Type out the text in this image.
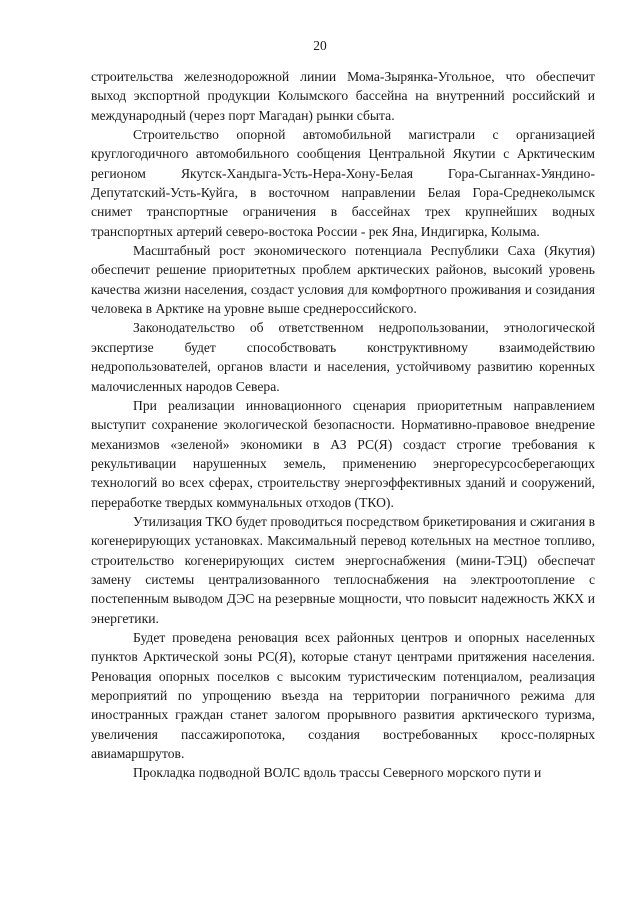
20

строительства железнодорожной линии Мома-Зырянка-Угольное, что обеспечит выход экспортной продукции Колымского бассейна на внутренний российский и международный (через порт Магадан) рынки сбыта.

Строительство опорной автомобильной магистрали с организацией круглогодичного автомобильного сообщения Центральной Якутии с Арктическим регионом Якутск-Хандыга-Усть-Нера-Хону-Белая Гора-Сыганнах-Уяндино-Депутатский-Усть-Куйга, в восточном направлении Белая Гора-Среднеколымск снимет транспортные ограничения в бассейнах трех крупнейших водных транспортных артерий северо-востока России - рек Яна, Индигирка, Колыма.

Масштабный рост экономического потенциала Республики Саха (Якутия) обеспечит решение приоритетных проблем арктических районов, высокий уровень качества жизни населения, создаст условия для комфортного проживания и созидания человека в Арктике на уровне выше среднероссийского.

Законодательство об ответственном недропользовании, этнологической экспертизе будет способствовать конструктивному взаимодействию недропользователей, органов власти и населения, устойчивому развитию коренных малочисленных народов Севера.

При реализации инновационного сценария приоритетным направлением выступит сохранение экологической безопасности. Нормативно-правовое внедрение механизмов «зеленой» экономики в АЗ РС(Я) создаст строгие требования к рекультивации нарушенных земель, применению энергоресурсосберегающих технологий во всех сферах, строительству энергоэффективных зданий и сооружений, переработке твердых коммунальных отходов (ТКО).

Утилизация ТКО будет проводиться посредством брикетирования и сжигания в когенерирующих установках. Максимальный перевод котельных на местное топливо, строительство когенерирующих систем энергоснабжения (мини-ТЭЦ) обеспечат замену системы централизованного теплоснабжения на электроотопление с постепенным выводом ДЭС на резервные мощности, что повысит надежность ЖКХ и энергетики.

Будет проведена реновация всех районных центров и опорных населенных пунктов Арктической зоны РС(Я), которые станут центрами притяжения населения. Реновация опорных поселков с высоким туристическим потенциалом, реализация мероприятий по упрощению въезда на территории пограничного режима для иностранных граждан станет залогом прорывного развития арктического туризма, увеличения пассажиропотока, создания востребованных кросс-полярных авиамаршрутов.

Прокладка подводной ВОЛС вдоль трассы Северного морского пути и
